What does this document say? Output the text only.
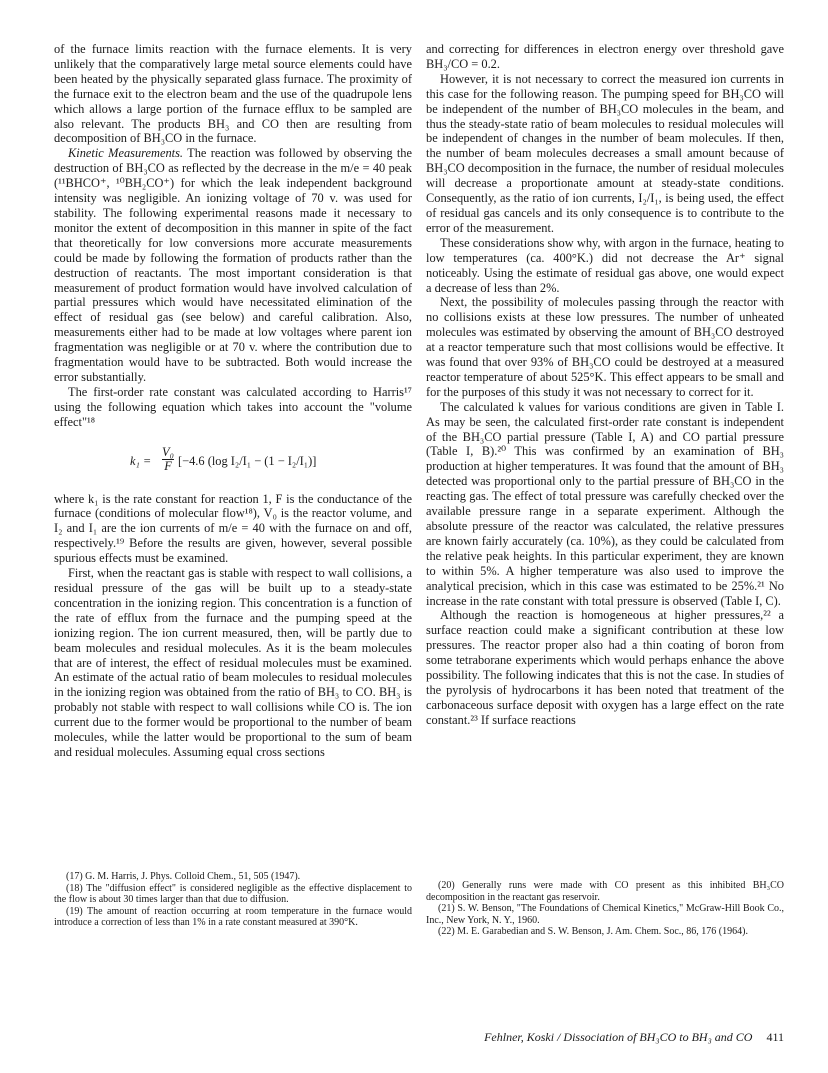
of the furnace limits reaction with the furnace elements. It is very unlikely that the comparatively large metal source elements could have been heated by the physically separated glass furnace. The proximity of the furnace exit to the electron beam and the use of the quadrupole lens which allows a large portion of the furnace efflux to be sampled are also relevant. The products BH₃ and CO then are resulting from decomposition of BH₃CO in the furnace.

Kinetic Measurements. The reaction was followed by observing the destruction of BH₃CO as reflected by the decrease in the m/e = 40 peak (¹¹BHCO⁺, ¹⁰BH₂CO⁺) for which the leak independent background intensity was negligible. An ionizing voltage of 70 v. was used for stability. The following experimental reasons made it necessary to monitor the extent of decomposition in this manner in spite of the fact that theoretically for low conversions more accurate measurements could be made by following the formation of products rather than the destruction of reactants. The most important consideration is that measurement of product formation would have involved calculation of partial pressures which would have necessitated elimination of the effect of residual gas (see below) and careful calibration. Also, measurements either had to be made at low voltages where parent ion fragmentation was negligible or at 70 v. where the contribution due to fragmentation would have to be subtracted. Both would increase the error substantially.

The first-order rate constant was calculated according to Harris¹⁷ using the following equation which takes into account the "volume effect"¹⁸

$k_1 = \frac{\text{V₀}}{F} [-4.6$ (log I₂/I₁ − (1 − I₂/I₁)]

where k₁ is the rate constant for reaction 1, F is the conductance of the furnace (conditions of molecular flow¹⁸), V₀ is the reactor volume, and I₂ and I₁ are the ion currents of m/e = 40 with the furnace on and off, respectively.¹⁹ Before the results are given, however, several possible spurious effects must be examined.

First, when the reactant gas is stable with respect to wall collisions, a residual pressure of the gas will be built up to a steady-state concentration in the ionizing region. This concentration is a function of the rate of efflux from the furnace and the pumping speed at the ionizing region. The ion current measured, then, will be partly due to beam molecules and residual molecules. As it is the beam molecules that are of interest, the effect of residual molecules must be examined. An estimate of the actual ratio of beam molecules to residual molecules in the ionizing region was obtained from the ratio of BH₃ to CO. BH₃ is probably not stable with respect to wall collisions while CO is. The ion current due to the former would be proportional to the number of beam molecules, while the latter would be proportional to the sum of beam and residual molecules. Assuming equal cross sections

and correcting for differences in electron energy over threshold gave BH₃/CO = 0.2.

However, it is not necessary to correct the measured ion currents in this case for the following reason. The pumping speed for BH₃CO will be independent of the number of BH₃CO molecules in the beam, and thus the steady-state ratio of beam molecules to residual molecules will be independent of changes in the number of beam molecules. If then, the number of beam molecules decreases a small amount because of BH₃CO decomposition in the furnace, the number of residual molecules will decrease a proportionate amount at steady-state conditions. Consequently, as the ratio of ion currents, I₂/I₁, is being used, the effect of residual gas cancels and its only consequence is to contribute to the error of the measurement.

These considerations show why, with argon in the furnace, heating to low temperatures (ca. 400°K.) did not decrease the Ar⁺ signal noticeably. Using the estimate of residual gas above, one would expect a decrease of less than 2%.

Next, the possibility of molecules passing through the reactor with no collisions exists at these low pressures. The number of unheated molecules was estimated by observing the amount of BH₃CO destroyed at a reactor temperature such that most collisions would be effective. It was found that over 93% of BH₃CO could be destroyed at a measured reactor temperature of about 525°K. This effect appears to be small and for the purposes of this study it was not necessary to correct for it.

The calculated k values for various conditions are given in Table I. As may be seen, the calculated first-order rate constant is independent of the BH₃CO partial pressure (Table I, A) and CO partial pressure (Table I, B).²⁰ This was confirmed by an examination of BH₃ production at higher temperatures. It was found that the amount of BH₃ detected was proportional only to the partial pressure of BH₃CO in the reacting gas. The effect of total pressure was carefully checked over the available pressure range in a separate experiment. Although the absolute pressure of the reactor was calculated, the relative pressures are known fairly accurately (ca. 10%), as they could be calculated from the relative peak heights. In this particular experiment, they are known to within 5%. A higher temperature was also used to improve the analytical precision, which in this case was estimated to be 25%.²¹ No increase in the rate constant with total pressure is observed (Table I, C).

Although the reaction is homogeneous at higher pressures,²² a surface reaction could make a significant contribution at these low pressures. The reactor proper also had a thin coating of boron from some tetraborane experiments which would perhaps enhance the above possibility. The following indicates that this is not the case. In studies of the pyrolysis of hydrocarbons it has been noted that treatment of the carbonaceous surface deposit with oxygen has a large effect on the rate constant.²³ If surface reactions

(17) G. M. Harris, J. Phys. Colloid Chem., 51, 505 (1947).

(18) The "diffusion effect" is considered negligible as the effective displacement to the flow is about 30 times larger than that due to diffusion.

(19) The amount of reaction occurring at room temperature in the furnace would introduce a correction of less than 1% in a rate constant measured at 390°K.

(20) Generally runs were made with CO present as this inhibited BH₃CO decomposition in the reactant gas reservoir.

(21) S. W. Benson, "The Foundations of Chemical Kinetics," McGraw-Hill Book Co., Inc., New York, N. Y., 1960.

(22) M. E. Garabedian and S. W. Benson, J. Am. Chem. Soc., 86, 176 (1964).

Fehlner, Koski / Dissociation of BH₃CO to BH₃ and CO 411
